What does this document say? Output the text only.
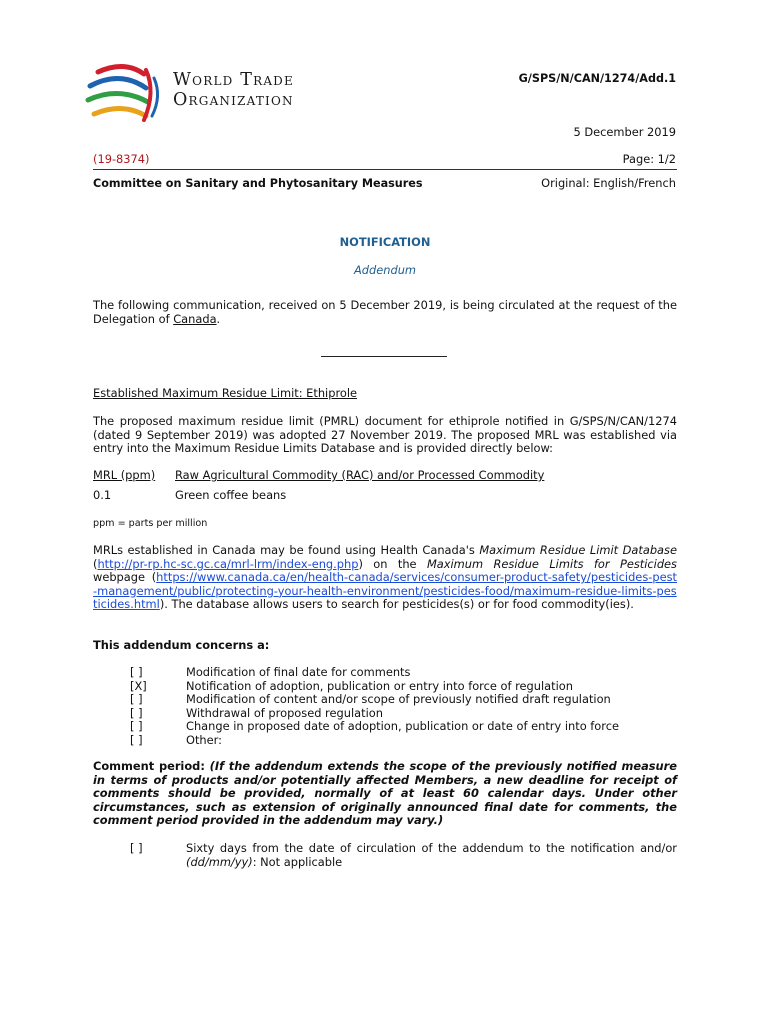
World Trade
Organization
G/SPS/N/CAN/1274/Add.1
5 December 2019
(19-8374)	Page: 1/2
Committee on Sanitary and Phytosanitary Measures	Original: English/French
NOTIFICATION
Addendum
The following communication, received on 5 December 2019, is being circulated at the request of the Delegation of Canada.
Established Maximum Residue Limit: Ethiprole
The proposed maximum residue limit (PMRL) document for ethiprole notified in G/SPS/N/CAN/1274 (dated 9 September 2019) was adopted 27 November 2019. The proposed MRL was established via entry into the Maximum Residue Limits Database and is provided directly below:
MRL (ppm) Raw Agricultural Commodity (RAC) and/or Processed Commodity
0.1	Green coffee beans
ppm = parts per million
MRLs established in Canada may be found using Health Canada's Maximum Residue Limit Database (http://pr-rp.hc-sc.gc.ca/mrl-lrm/index-eng.php) on the Maximum Residue Limits for Pesticides webpage (https://www.canada.ca/en/health-canada/services/consumer-product-safety/pesticides-pest-management/public/protecting-your-health-environment/pesticides-food/maximum-residue-limits-pesticides.html). The database allows users to search for pesticides(s) or for food commodity(ies).
This addendum concerns a:
[ ]	Modification of final date for comments
[X]	Notification of adoption, publication or entry into force of regulation
[ ]	Modification of content and/or scope of previously notified draft regulation
[ ]	Withdrawal of proposed regulation
[ ]	Change in proposed date of adoption, publication or date of entry into force
[ ]	Other:
Comment period: (If the addendum extends the scope of the previously notified measure in terms of products and/or potentially affected Members, a new deadline for receipt of comments should be provided, normally of at least 60 calendar days. Under other circumstances, such as extension of originally announced final date for comments, the comment period provided in the addendum may vary.)
[ ]	Sixty days from the date of circulation of the addendum to the notification and/or (dd/mm/yy): Not applicable
